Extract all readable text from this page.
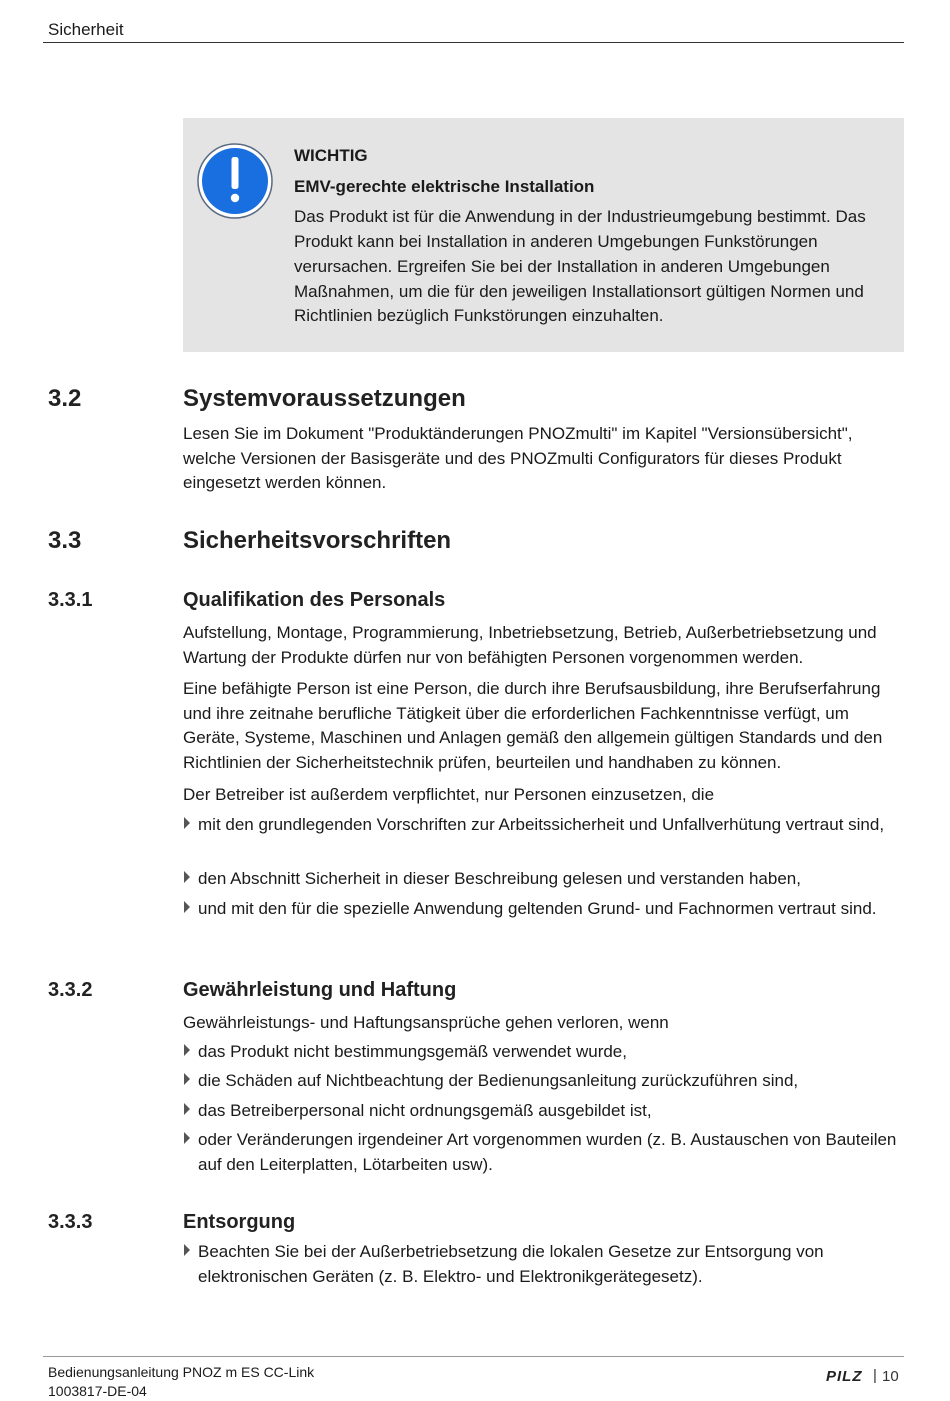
Sicherheit
WICHTIG
EMV-gerechte elektrische Installation

Das Produkt ist für die Anwendung in der Industrieumgebung bestimmt. Das Produkt kann bei Installation in anderen Umgebungen Funkstörungen verursachen. Ergreifen Sie bei der Installation in anderen Umgebungen Maßnahmen, um die für den jeweiligen Installationsort gültigen Normen und Richtlinien bezüglich Funkstörungen einzuhalten.

3.2	Systemvoraussetzungen

Lesen Sie im Dokument "Produktänderungen PNOZmulti" im Kapitel "Versionsübersicht", welche Versionen der Basisgeräte und des PNOZmulti Configurators für dieses Produkt eingesetzt werden können.

3.3	Sicherheitsvorschriften
3.3.1	Qualifikation des Personals

Aufstellung, Montage, Programmierung, Inbetriebsetzung, Betrieb, Außerbetriebsetzung und Wartung der Produkte dürfen nur von befähigten Personen vorgenommen werden.

Eine befähigte Person ist eine Person, die durch ihre Berufsausbildung, ihre Berufserfahrung und ihre zeitnahe berufliche Tätigkeit über die erforderlichen Fachkenntnisse verfügt, um Geräte, Systeme, Maschinen und Anlagen gemäß den allgemein gültigen Standards und den Richtlinien der Sicherheitstechnik prüfen, beurteilen und handhaben zu können.

Der Betreiber ist außerdem verpflichtet, nur Personen einzusetzen, die

mit den grundlegenden Vorschriften zur Arbeitssicherheit und Unfallverhütung vertraut sind,
den Abschnitt Sicherheit in dieser Beschreibung gelesen und verstanden haben,
und mit den für die spezielle Anwendung geltenden Grund- und Fachnormen vertraut sind.
3.3.2	Gewährleistung und Haftung

Gewährleistungs- und Haftungsansprüche gehen verloren, wenn

das Produkt nicht bestimmungsgemäß verwendet wurde,
die Schäden auf Nichtbeachtung der Bedienungsanleitung zurückzuführen sind,
das Betreiberpersonal nicht ordnungsgemäß ausgebildet ist,
oder Veränderungen irgendeiner Art vorgenommen wurden (z. B. Austauschen von Bauteilen auf den Leiterplatten, Lötarbeiten usw).
3.3.3	Entsorgung
Beachten Sie bei der Außerbetriebsetzung die lokalen Gesetze zur Entsorgung von elektronischen Geräten (z. B. Elektro- und Elektronikgerätegesetz).
Bedienungsanleitung PNOZ m ES CC-Link
1003817-DE-04
PILZ | 10
